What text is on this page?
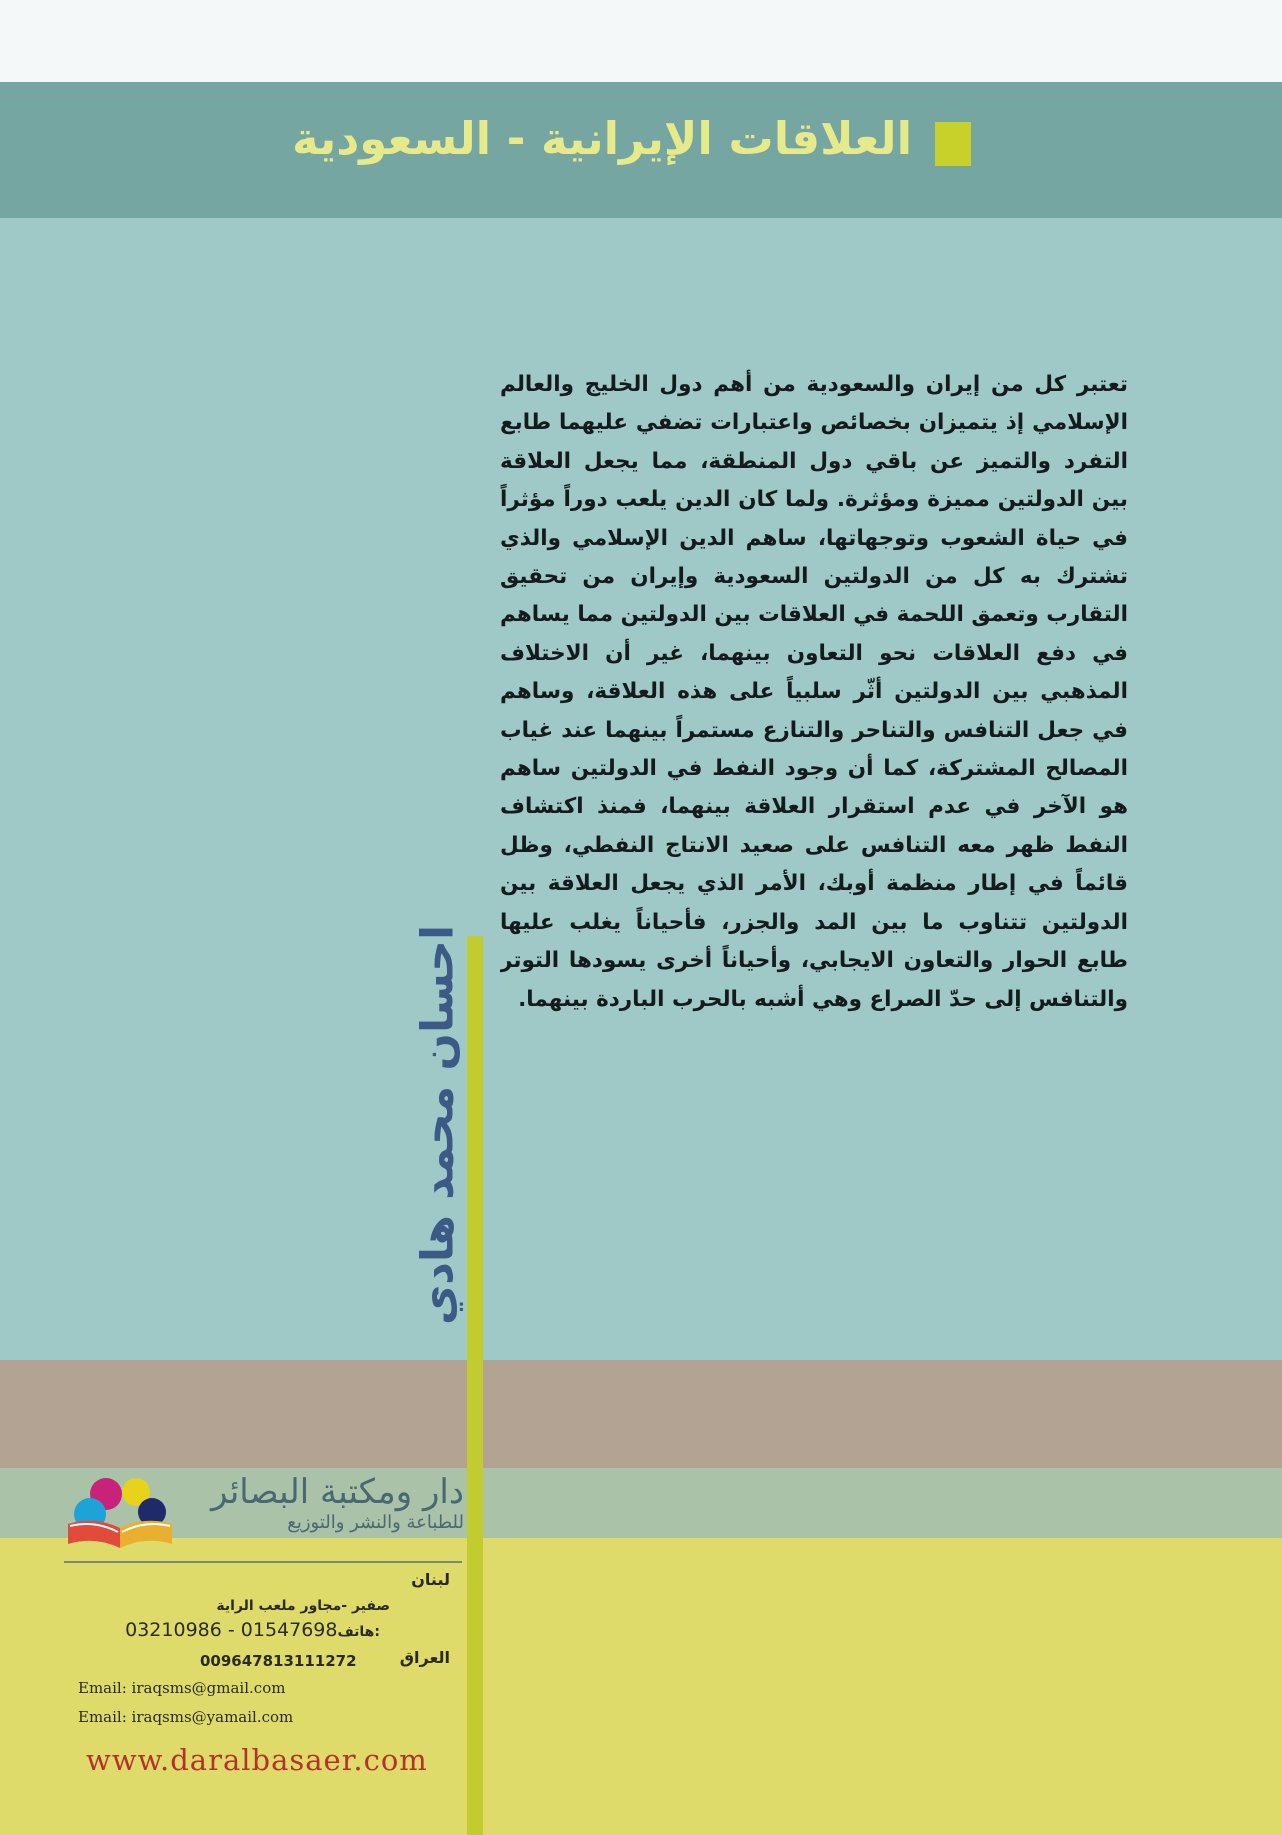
العلاقات الإيرانية - السعودية

تعتبر كل من إيران والسعودية من أهم دول الخليج والعالم الإسلامي إذ يتميزان بخصائص واعتبارات تضفي عليهما طابع التفرد والتميز عن باقي دول المنطقة، مما يجعل العلاقة بين الدولتين مميزة ومؤثرة. ولما كان الدين يلعب دوراً مؤثراً في حياة الشعوب وتوجهاتها، ساهم الدين الإسلامي والذي تشترك به كل من الدولتين السعودية وإيران من تحقيق التقارب وتعمق اللحمة في العلاقات بين الدولتين مما يساهم في دفع العلاقات نحو التعاون بينهما، غير أن الاختلاف المذهبي بين الدولتين أثّر سلبياً على هذه العلاقة، وساهم في جعل التنافس والتناحر والتنازع مستمراً بينهما عند غياب المصالح المشتركة، كما أن وجود النفط في الدولتين ساهم هو الآخر في عدم استقرار العلاقة بينهما، فمنذ اكتشاف النفط ظهر معه التنافس على صعيد الانتاج النفطي، وظل قائماً في إطار منظمة أوبك، الأمر الذي يجعل العلاقة بين الدولتين تتناوب ما بين المد والجزر، فأحياناً يغلب عليها طابع الحوار والتعاون الايجابي، وأحياناً أخرى يسودها التوتر والتنافس إلى حدّ الصراع وهي أشبه بالحرب الباردة بينهما.

احسان محمد هادي
دار ومكتبة البصائر
للطباعة والنشر والتوزيع
لبنان
صفير -مجاور ملعب الراية
03210986 - 01547698هاتف:
العراق
009647813111272
Email: iraqsms@gmail.com
Email: iraqsms@yamail.com
www.daralbasaer.com
